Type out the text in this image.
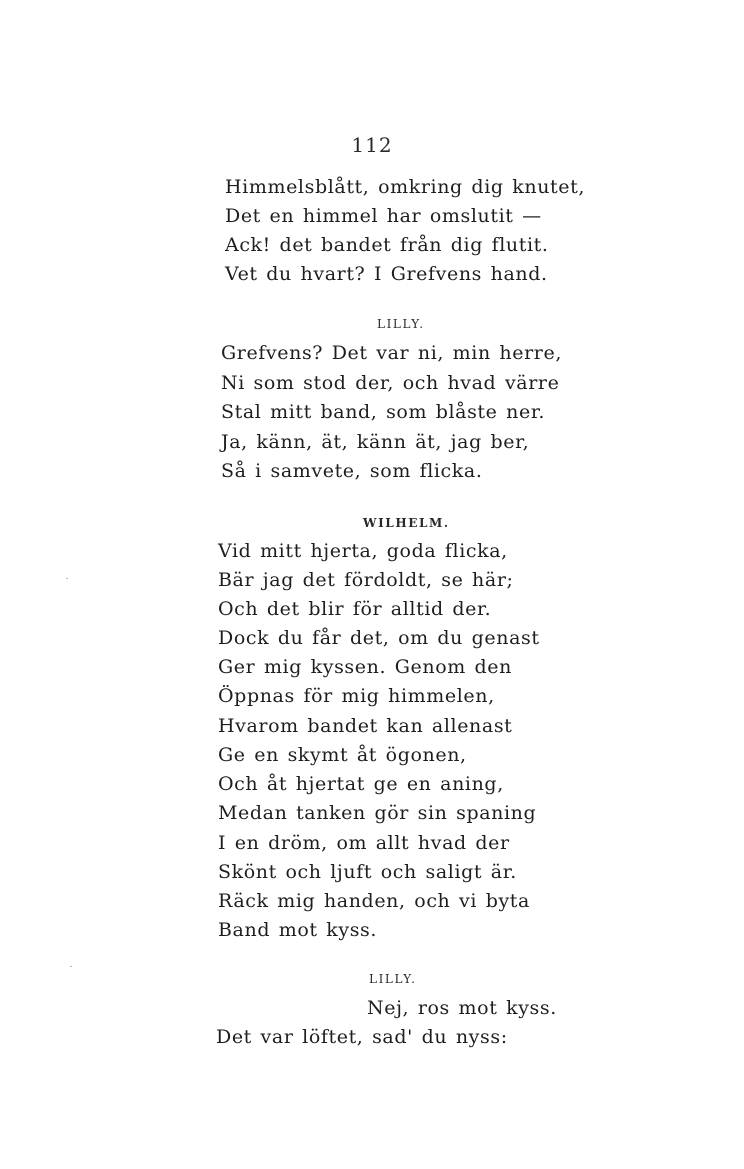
112
Himmelsblått, omkring dig knutet,
Det en himmel har omslutit —
Ack! det bandet från dig flutit.
Vet du hvart? I Grefvens hand.
LILLY.
Grefvens? Det var ni, min herre,
Ni som stod der, och hvad värre
Stal mitt band, som blåste ner.
Ja, känn, ät, känn ät, jag ber,
Så i samvete, som flicka.
WILHELM.
Vid mitt hjerta, goda flicka,
Bär jag det fördoldt, se här;
Och det blir för alltid der.
Dock du får det, om du genast
Ger mig kyssen. Genom den
Öppnas för mig himmelen,
Hvarom bandet kan allenast
Ge en skymt åt ögonen,
Och åt hjertat ge en aning,
Medan tanken gör sin spaning
I en dröm, om allt hvad der
Skönt och ljuft och saligt är.
Räck mig handen, och vi byta
Band mot kyss.
LILLY.
Nej, ros mot kyss.
Det var löftet, sad' du nyss:
